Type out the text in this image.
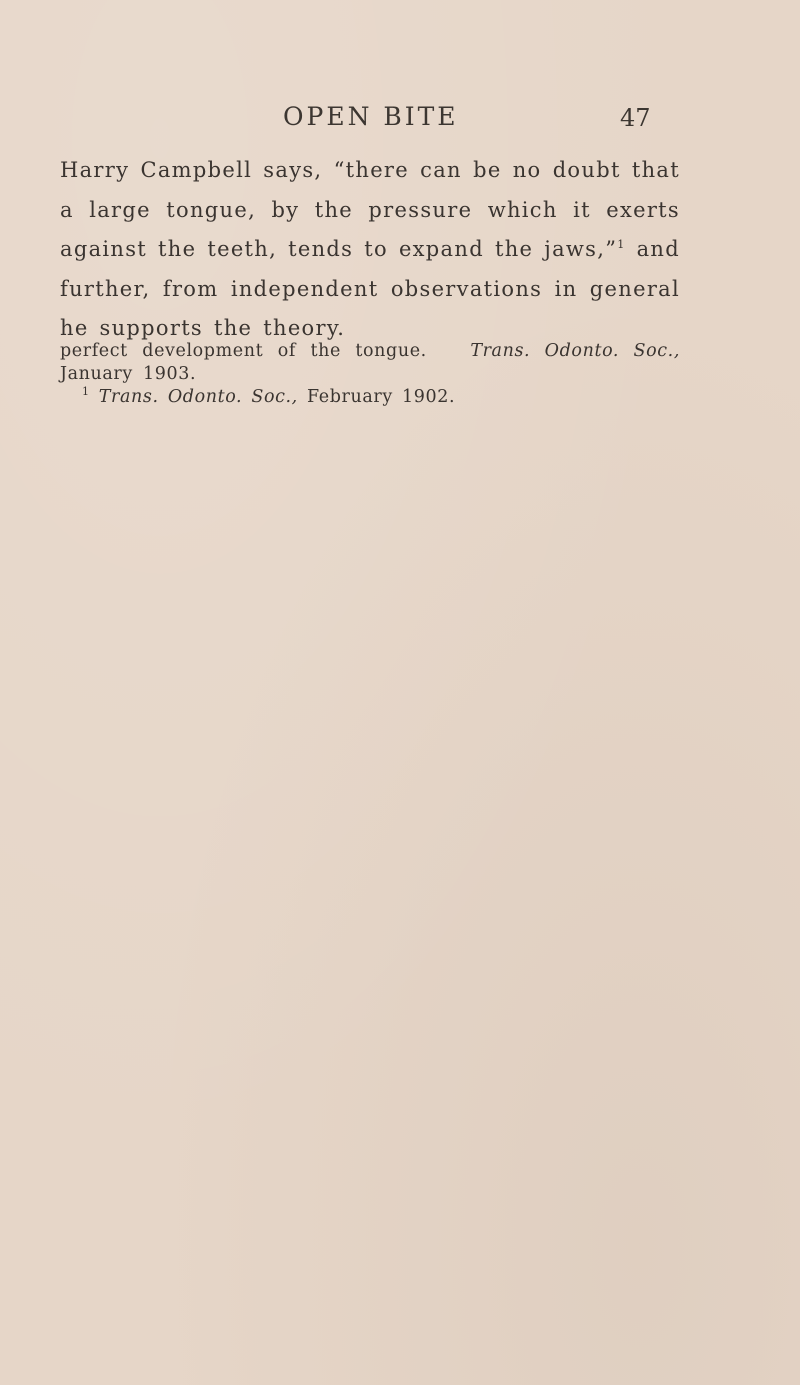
OPEN BITE	47

Harry Campbell says, “there can be no doubt that a large tongue, by the pressure which it exerts against the teeth, tends to expand the jaws,”$^1$ and further, from independent observations in general he supports the theory.

perfect development of the tongue. Trans. Odonto. Soc., January 1903.

$^1$ Trans. Odonto. Soc., February 1902.
